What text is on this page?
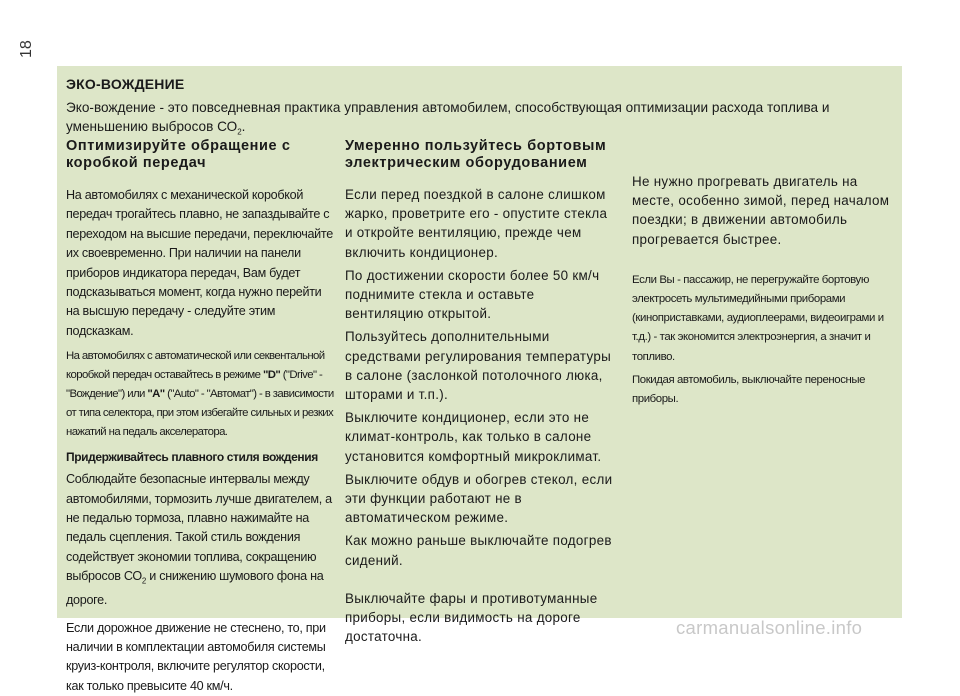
18
ЭКО-ВОЖДЕНИЕ
Эко-вождение - это повседневная практика управления автомобилем, способствующая оптимизации расхода топлива и уменьшению выбросов $СО_2$.
Оптимизируйте обращение с коробкой передач

На автомобилях с механической коробкой передач трогайтесь плавно, не запаздывайте с переходом на высшие передачи, переключайте их своевременно. При наличии на панели приборов индикатора передач, Вам будет подсказываться момент, когда нужно перейти на высшую передачу - следуйте этим подсказкам.

На автомобилях с автоматической или секвентальной коробкой передач оставайтесь в режиме "D" ("Drive" - "Вождение") или "A" ("Auto" - "Автомат") - в зависимости от типа селектора, при этом избегайте сильных и резких нажатий на педаль акселератора.

Придерживайтесь плавного стиля вождения

Соблюдайте безопасные интервалы между автомобилями, тормозить лучше двигателем, а не педалью тормоза, плавно нажимайте на педаль сцепления. Такой стиль вождения содействует экономии топлива, сокращению выбросов $СО_2$ и снижению шумового фона на дороге.

Если дорожное движение не стеснено, то, при наличии в комплектации автомобиля системы круиз-контроля, включите регулятор скорости, как только превысите 40 км/ч.

Умеренно пользуйтесь бортовым электрическим оборудованием

Если перед поездкой в салоне слишком жарко, проветрите его - опустите стекла и откройте вентиляцию, прежде чем включить кондиционер.

По достижении скорости более 50 км/ч поднимите стекла и оставьте вентиляцию открытой.

Пользуйтесь дополнительными средствами регулирования температуры в салоне (заслонкой потолочного люка, шторами и т.п.).

Выключите кондиционер, если это не климат-контроль, как только в салоне установится комфортный микроклимат.

Выключите обдув и обогрев стекол, если эти функции работают не в автоматическом режиме.

Как можно раньше выключайте подогрев сидений.

Выключайте фары и противотуманные приборы, если видимость на дороге достаточна.

Не нужно прогревать двигатель на месте, особенно зимой, перед началом поездки; в движении автомобиль прогревается быстрее.

Если Вы - пассажир, не перегружайте бортовую электросеть мультимедийными приборами (киноприставками, аудиоплеерами, видеоиграми и т.д.) - так экономится электроэнергия, а значит и топливо.

Покидая автомобиль, выключайте переносные приборы.

carmanualsonline.info
